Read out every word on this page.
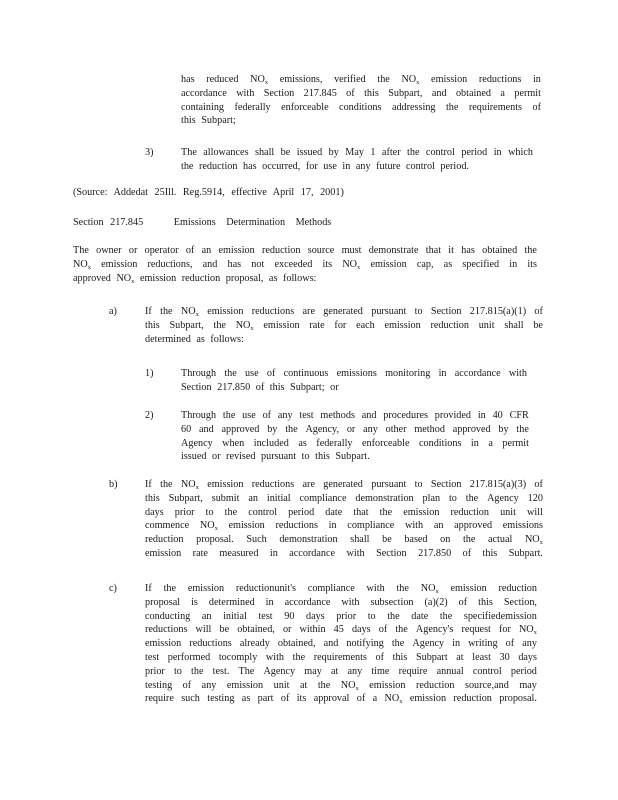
has reduced $NO_x$ emissions, verified the $NO_x$ emission reductions in

accordance with Section 217.845 of this Subpart, and obtained a permit

containing federally enforceable conditions addressing the requirements of

this Subpart;

3)	The allowances shall be issued by May 1 after the control period in which

the reduction has occurred, for use in any future control period.

(Source: Addedat 25Ill. Reg.5914, effective April 17, 2001)

Section 217.845	Emissions Determination Methods

The owner or operator of an emission reduction source must demonstrate that it has obtained the

$NO_x$ emission reductions, and has not exceeded its $NO_x$ emission cap, as specified in its

approved $NO_x$ emission reduction proposal, as follows:

a)	If the $NO_x$ emission reductions are generated pursuant to Section 217.815(a)(1) of

this Subpart, the $NO_x$ emission rate for each emission reduction unit shall be

determined as follows:

1)	Through the use of continuous emissions monitoring in accordance with

Section 217.850 of this Subpart; or

2)	Through the use of any test methods and procedures provided in 40 CFR

60 and approved by the Agency, or any other method approved by the

Agency when included as federally enforceable conditions in a permit

issued or revised pursuant to this Subpart.

b)	If the $NO_x$ emission reductions are generated pursuant to Section 217.815(a)(3) of

this Subpart, submit an initial compliance demonstration plan to the Agency 120

days prior to the control period date that the emission reduction unit will

commence $NO_x$ emission reductions in compliance with an approved emissions

reduction proposal. Such demonstration shall be based on the actual $NO_x$

emission rate measured in accordance with Section 217.850 of this Subpart.

c)	If the emission reductionunit's compliance with the $NO_x$ emission reduction

proposal is determined in accordance with subsection (a)(2) of this Section,

conducting an initial test 90 days prior to the date the specifiedemission

reductions will be obtained, or within 45 days of the Agency's request for $NO_x$

emission reductions already obtained, and notifying the Agency in writing of any

test performed tocomply with the requirements of this Subpart at least 30 days

prior to the test. The Agency may at any time require annual control period

testing of any emission unit at the $NO_x$ emission reduction source,and may

require such testing as part of its approval of a $NO_x$ emission reduction proposal.
